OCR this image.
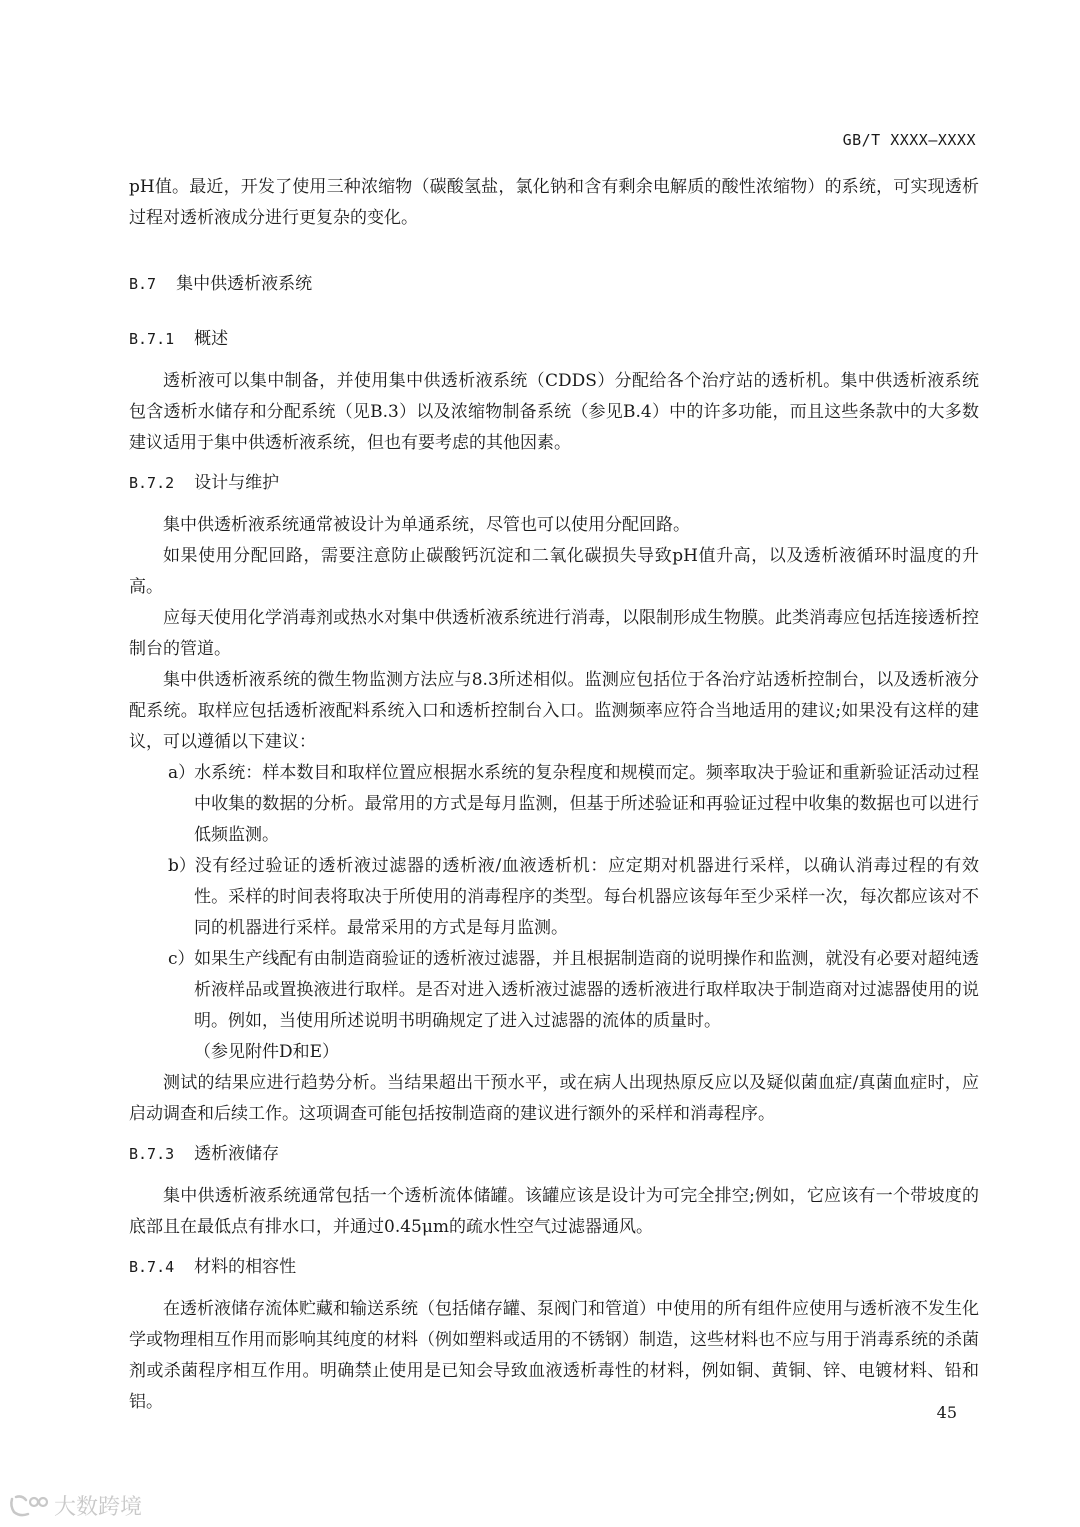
GB/T XXXX—XXXX

pH值。最近，开发了使用三种浓缩物（碳酸氢盐，氯化钠和含有剩余电解质的酸性浓缩物）的系统，可实现透析过程对透析液成分进行更复杂的变化。

B.7 集中供透析液系统
B.7.1 概述

透析液可以集中制备，并使用集中供透析液系统（CDDS）分配给各个治疗站的透析机。集中供透析液系统包含透析水储存和分配系统（见B.3）以及浓缩物制备系统（参见B.4）中的许多功能，而且这些条款中的大多数建议适用于集中供透析液系统，但也有要考虑的其他因素。

B.7.2 设计与维护

集中供透析液系统通常被设计为单通系统，尽管也可以使用分配回路。

如果使用分配回路，需要注意防止碳酸钙沉淀和二氧化碳损失导致pH值升高，以及透析液循环时温度的升高。

应每天使用化学消毒剂或热水对集中供透析液系统进行消毒，以限制形成生物膜。此类消毒应包括连接透析控制台的管道。

集中供透析液系统的微生物监测方法应与8.3所述相似。监测应包括位于各治疗站透析控制台，以及透析液分配系统。取样应包括透析液配料系统入口和透析控制台入口。监测频率应符合当地适用的建议;如果没有这样的建议，可以遵循以下建议：

a）水系统：样本数目和取样位置应根据水系统的复杂程度和规模而定。频率取决于验证和重新验证活动过程中收集的数据的分析。最常用的方式是每月监测，但基于所述验证和再验证过程中收集的数据也可以进行低频监测。

b）没有经过验证的透析液过滤器的透析液/血液透析机：应定期对机器进行采样，以确认消毒过程的有效性。采样的时间表将取决于所使用的消毒程序的类型。每台机器应该每年至少采样一次，每次都应该对不同的机器进行采样。最常采用的方式是每月监测。

c）如果生产线配有由制造商验证的透析液过滤器，并且根据制造商的说明操作和监测，就没有必要对超纯透析液样品或置换液进行取样。是否对进入透析液过滤器的透析液进行取样取决于制造商对过滤器使用的说明。例如，当使用所述说明书明确规定了进入过滤器的流体的质量时。

（参见附件D和E）

测试的结果应进行趋势分析。当结果超出干预水平，或在病人出现热原反应以及疑似菌血症/真菌血症时，应启动调查和后续工作。这项调查可能包括按制造商的建议进行额外的采样和消毒程序。

B.7.3 透析液储存

集中供透析液系统通常包括一个透析流体储罐。该罐应该是设计为可完全排空;例如，它应该有一个带坡度的底部且在最低点有排水口，并通过0.45μm的疏水性空气过滤器通风。

B.7.4 材料的相容性

在透析液储存流体贮藏和输送系统（包括储存罐、泵阀门和管道）中使用的所有组件应使用与透析液不发生化学或物理相互作用而影响其纯度的材料（例如塑料或适用的不锈钢）制造，这些材料也不应与用于消毒系统的杀菌剂或杀菌程序相互作用。明确禁止使用是已知会导致血液透析毒性的材料，例如铜、黄铜、锌、电镀材料、铅和铝。

45
大数跨境
